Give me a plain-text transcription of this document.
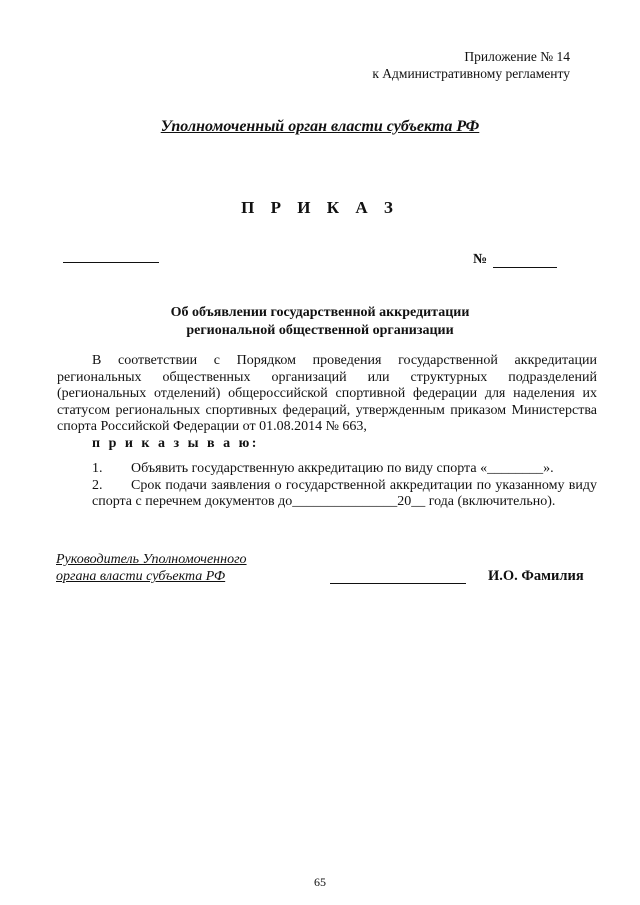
Приложение № 14
к Административному регламенту
Уполномоченный орган власти субъекта РФ
П Р И К А З
№
Об объявлении государственной аккредитации
региональной общественной организации

В соответствии с Порядком проведения государственной аккредитации региональных общественных организаций или структурных подразделений (региональных отделений) общероссийской спортивной федерации для наделения их статусом региональных спортивных федераций, утвержденным приказом Министерства спорта Российской Федерации от 01.08.2014 № 663,

п р и к а з ы в а ю:

1. Объявить государственную аккредитацию по виду спорта «________».

2. Срок подачи заявления о государственной аккредитации по указанному виду спорта с перечнем документов до_______________20__ года (включительно).

Руководитель Уполномоченного
органа власти субъекта РФ	И.О. Фамилия
65
